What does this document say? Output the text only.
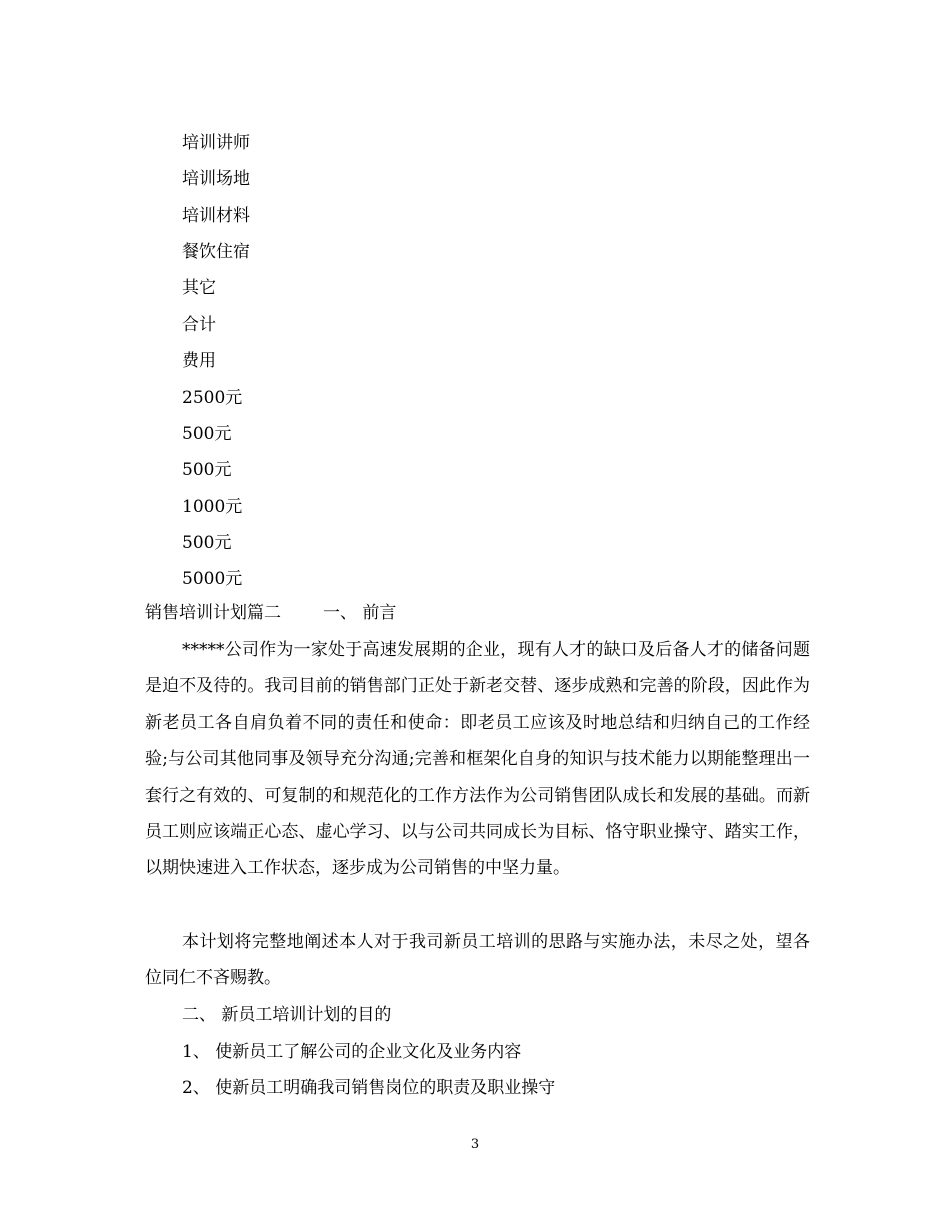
培训讲师
培训场地
培训材料
餐饮住宿
其它
合计
费用
2500元
500元
500元
1000元
500元
5000元
销售培训计划篇二 一、 前言

*****公司作为一家处于高速发展期的企业，现有人才的缺口及后备人才的储备问题是迫不及待的。我司目前的销售部门正处于新老交替、逐步成熟和完善的阶段，因此作为新老员工各自肩负着不同的责任和使命：即老员工应该及时地总结和归纳自己的工作经验;与公司其他同事及领导充分沟通;完善和框架化自身的知识与技术能力以期能整理出一套行之有效的、可复制的和规范化的工作方法作为公司销售团队成长和发展的基础。而新员工则应该端正心态、虚心学习、以与公司共同成长为目标、恪守职业操守、踏实工作，以期快速进入工作状态，逐步成为公司销售的中坚力量。

本计划将完整地阐述本人对于我司新员工培训的思路与实施办法，未尽之处，望各位同仁不吝赐教。

二、 新员工培训计划的目的
1、 使新员工了解公司的企业文化及业务内容
2、 使新员工明确我司销售岗位的职责及职业操守
3
